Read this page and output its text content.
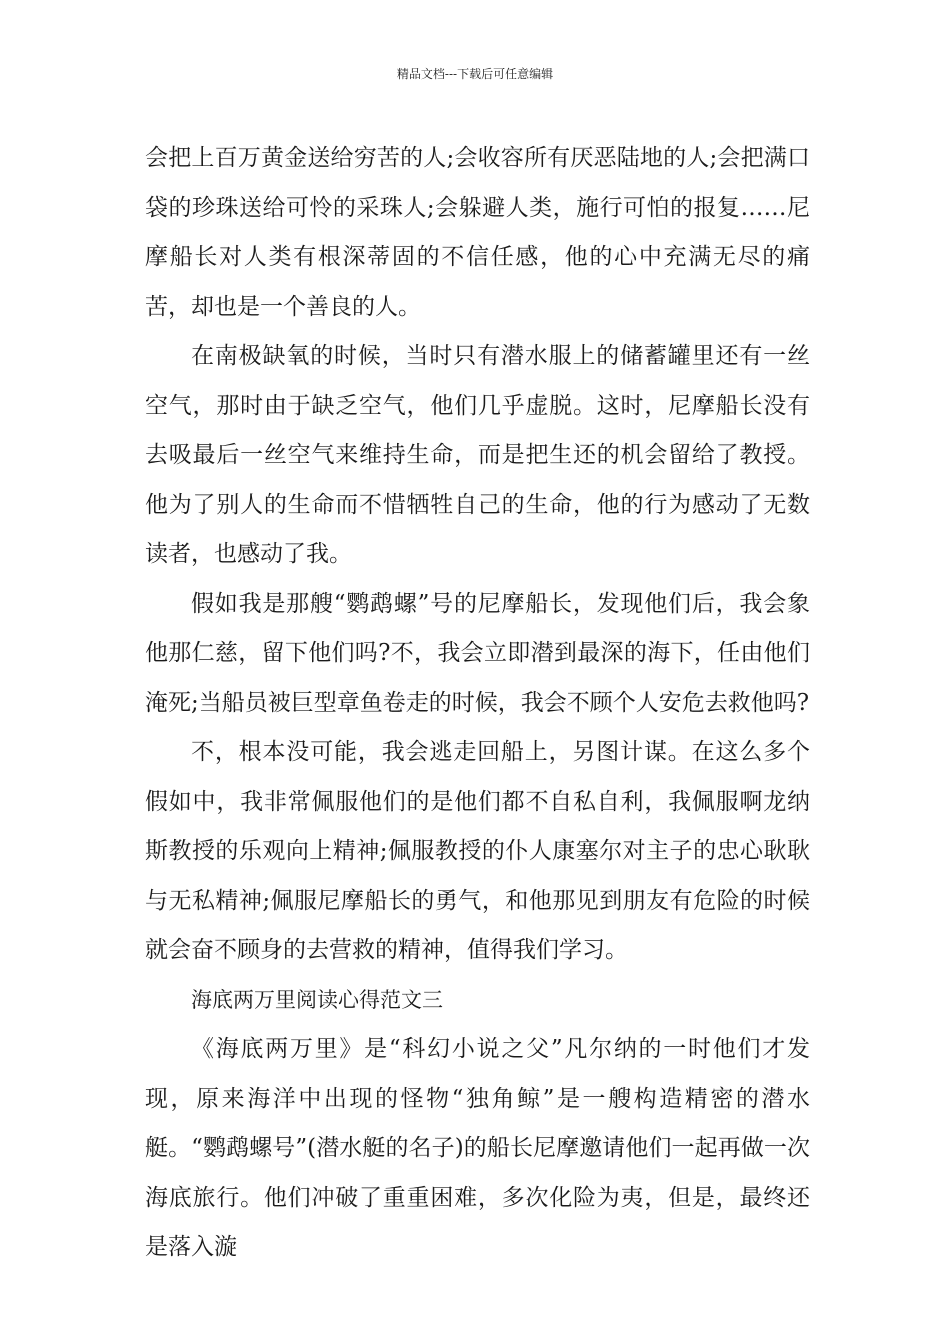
精品文档---下载后可任意编辑

会把上百万黄金送给穷苦的人;会收容所有厌恶陆地的人;会把满口袋的珍珠送给可怜的采珠人;会躲避人类，施行可怕的报复……尼摩船长对人类有根深蒂固的不信任感，他的心中充满无尽的痛苦，却也是一个善良的人。

在南极缺氧的时候，当时只有潜水服上的储蓄罐里还有一丝空气，那时由于缺乏空气，他们几乎虚脱。这时，尼摩船长没有去吸最后一丝空气来维持生命，而是把生还的机会留给了教授。他为了别人的生命而不惜牺牲自己的生命，他的行为感动了无数读者，也感动了我。

假如我是那艘“鹦鹉螺”号的尼摩船长，发现他们后，我会象他那仁慈，留下他们吗?不，我会立即潜到最深的海下，任由他们淹死;当船员被巨型章鱼卷走的时候，我会不顾个人安危去救他吗?

不，根本没可能，我会逃走回船上，另图计谋。在这么多个假如中，我非常佩服他们的是他们都不自私自利，我佩服啊龙纳斯教授的乐观向上精神;佩服教授的仆人康塞尔对主子的忠心耿耿与无私精神;佩服尼摩船长的勇气，和他那见到朋友有危险的时候就会奋不顾身的去营救的精神，值得我们学习。

海底两万里阅读心得范文三

《海底两万里》是“科幻小说之父”凡尔纳的一时他们才发现，原来海洋中出现的怪物“独角鲸”是一艘构造精密的潜水艇。“鹦鹉螺号”(潜水艇的名子)的船长尼摩邀请他们一起再做一次海底旅行。他们冲破了重重困难，多次化险为夷，但是，最终还是落入漩
